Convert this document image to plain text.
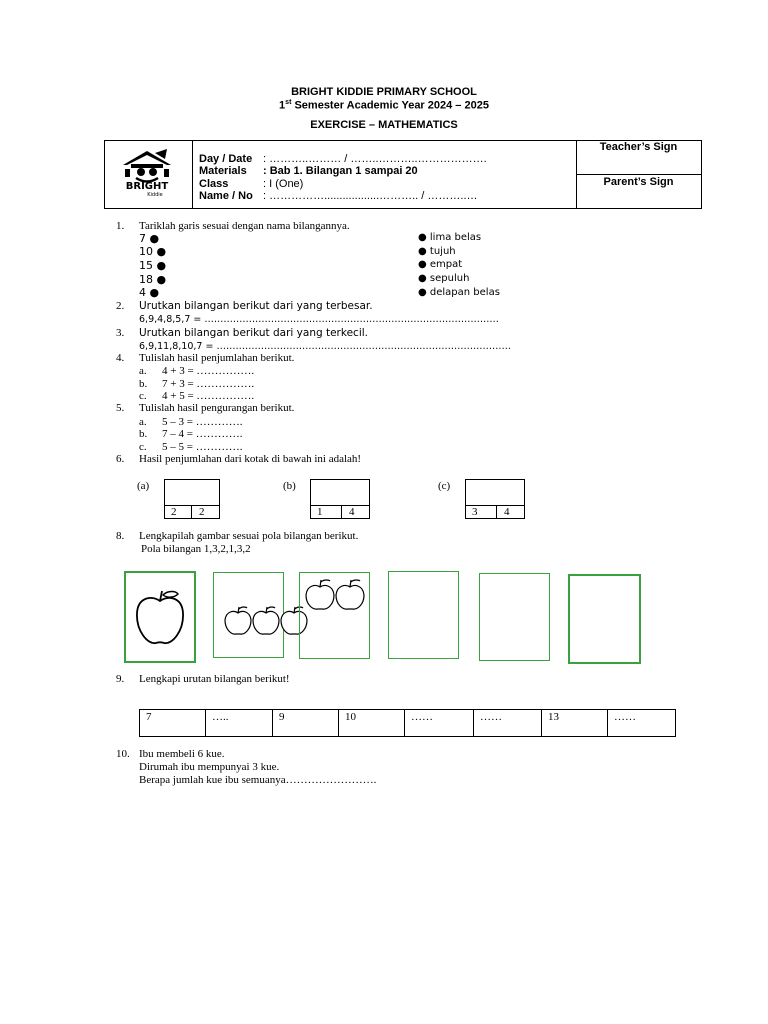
BRIGHT KIDDIE PRIMARY SCHOOL
1st Semester Academic Year 2024 – 2025
EXERCISE – MATHEMATICS
BRIGHT
Kiddie
Day / Date : ………..……… / ……..………..……………….
Materials : Bab 1. Bilangan 1 sampai 20
Class	: I (One)
Name / No : ……………..................……….. / ………..…
Teacher’s Sign
Parent’s Sign
1. Tariklah garis sesuai dengan nama bilangannya.
7 ●
10 ●
15 ●
18 ●
4 ●
● lima belas
● tujuh
● empat
● sepuluh
● delapan belas
2. Urutkan bilangan berikut dari yang terbesar.
6,9,4,8,5,7 = …………………………………………………………………………………
3. Urutkan bilangan berikut dari yang terkecil.
6,9,11,8,10,7 = …………………………………………………………………………………
4. Tulislah hasil penjumlahan berikut.
a. 4 + 3 = …………….
b. 7 + 3 = …………….
c. 4 + 5 = …………….
5. Tulislah hasil pengurangan berikut.
a. 5 – 3 = ………….
b. 7 – 4 = ………….
c. 5 – 5 = ………….
6. Hasil penjumlahan dari kotak di bawah ini adalah!
(a)
2 2
(b)
1 4
(c)
3 4
8. Lengkapilah gambar sesuai pola bilangan berikut.
Pola bilangan 1,3,2,1,3,2
9. Lengkapi urutan bilangan berikut!
7	…..	9	10	……	……	13	……
10. Ibu membeli 6 kue.
Dirumah ibu mempunyai 3 kue.
Berapa jumlah kue ibu semuanya…………………….
